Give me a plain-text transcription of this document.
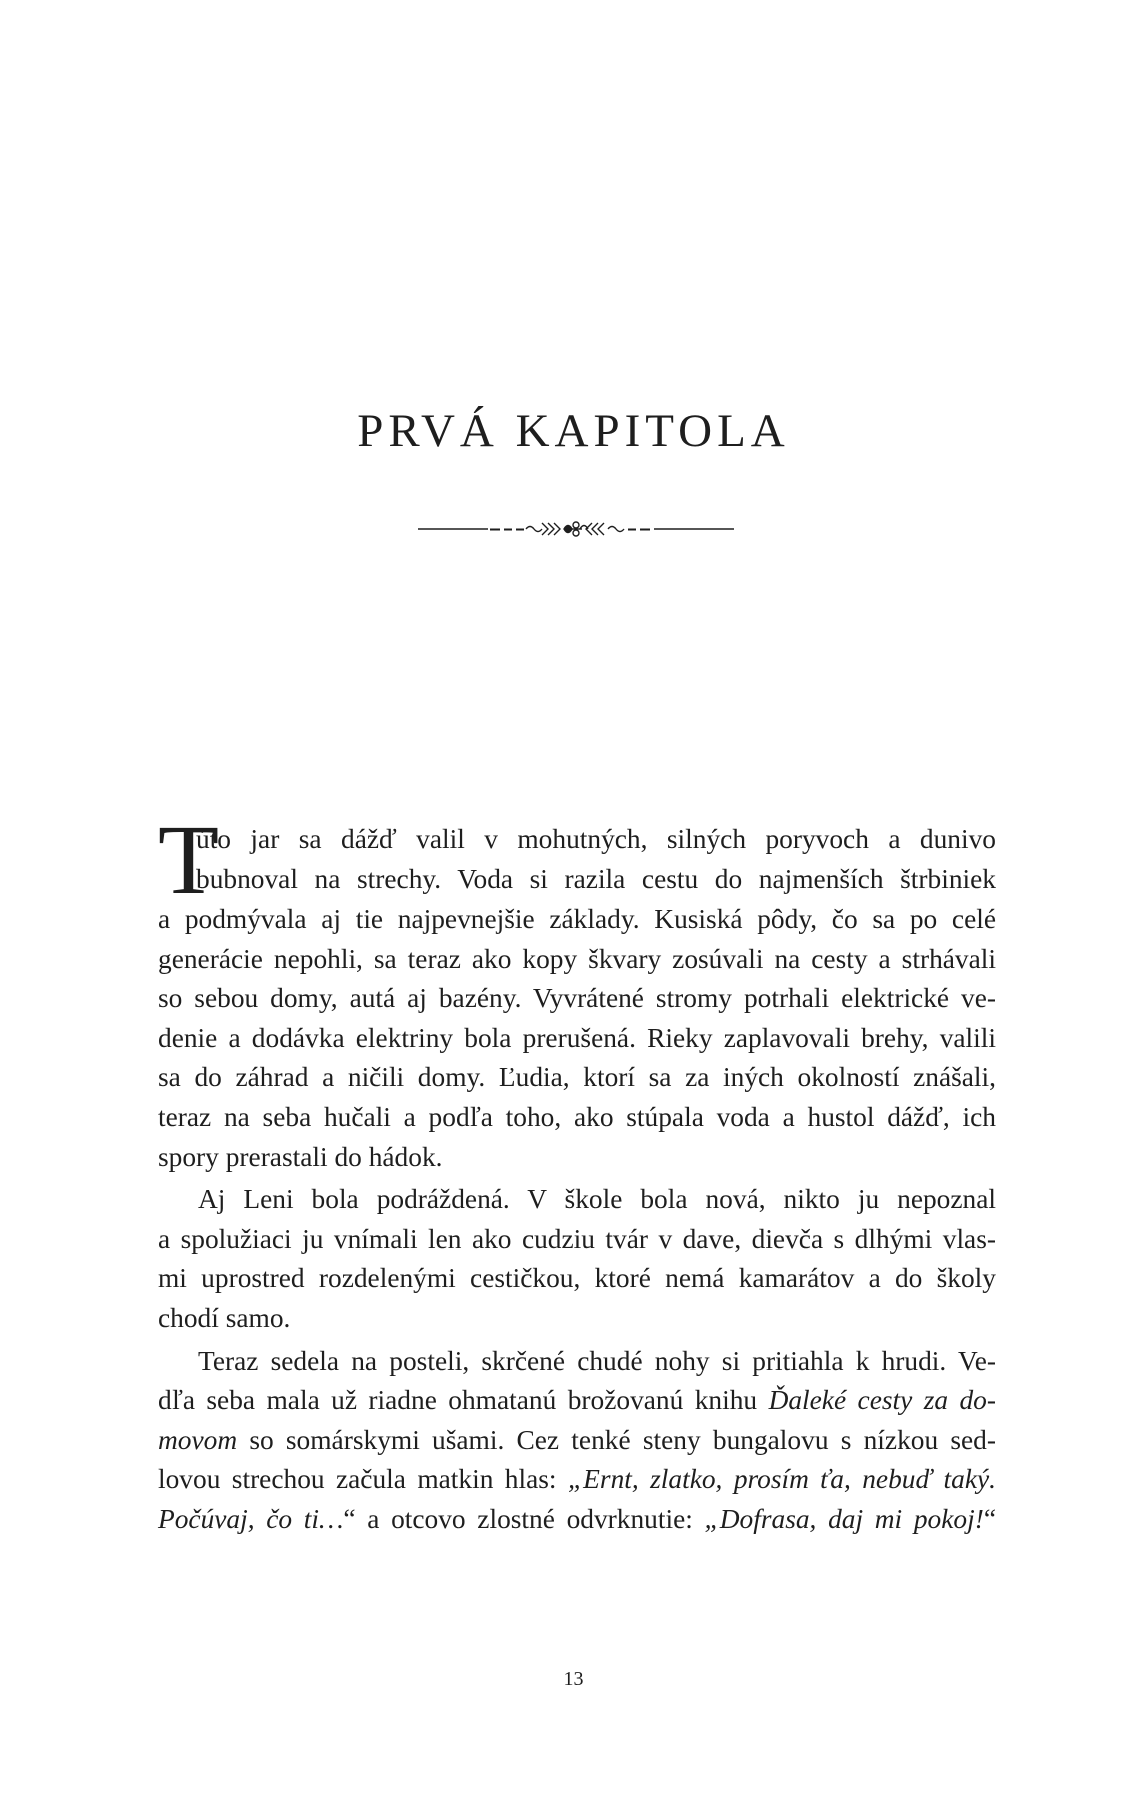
PRVÁ KAPITOLA
T

úto jar sa dážď valil v mohutných, silných poryvoch a dunivo

bubnoval na strechy. Voda si razila cestu do najmenších štrbiniek

a podmývala aj tie najpevnejšie základy. Kusiská pôdy, čo sa po celé

generácie nepohli, sa teraz ako kopy škvary zosúvali na cesty a strhávali

so sebou domy, autá aj bazény. Vyvrátené stromy potrhali elektrické ve-

denie a dodávka elektriny bola prerušená. Rieky zaplavovali brehy, valili

sa do záhrad a ničili domy. Ľudia, ktorí sa za iných okolností znášali,

teraz na seba hučali a podľa toho, ako stúpala voda a hustol dážď, ich

spory prerastali do hádok.

Aj Leni bola podráždená. V škole bola nová, nikto ju nepoznal

a spolužiaci ju vnímali len ako cudziu tvár v dave, dievča s dlhými vlas-

mi uprostred rozdelenými cestičkou, ktoré nemá kamarátov a do školy

chodí samo.

Teraz sedela na posteli, skrčené chudé nohy si pritiahla k hrudi. Ve-

dľa seba mala už riadne ohmatanú brožovanú knihu Ďaleké cesty za do-

movom so somárskymi ušami. Cez tenké steny bungalovu s nízkou sed-

lovou strechou začula matkin hlas: „Ernt, zlatko, prosím ťa, nebuď taký.

Počúvaj, čo ti…“ a otcovo zlostné odvrknutie: „Dofrasa, daj mi pokoj!“

13
